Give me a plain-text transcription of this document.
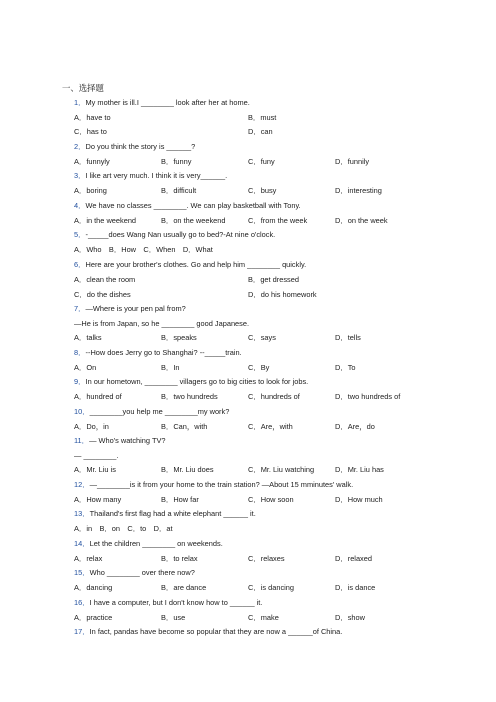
一、选择题
1．My mother is ill.I ________ look after her at home.
A．have to	B．must
C．has to	D．can
2．Do you think the story is ______?
A．funnyly	B．funny	C．funy	D．funnily
3．I like art very much. I think it is very______.
A．boring	B．difficult	C．busy	D．interesting
4．We have no classes ________. We can play basketball with Tony.
A．in the weekend	B．on the weekend	C．from the week	D．on the week
5．-_____does Wang Nan usually go to bed?-At nine o'clock.
A．Who　B．How　C．When　D．What
6．Here are your brother's clothes. Go and help him ________ quickly.
A．clean the room	B．get dressed
C．do the dishes	D．do his homework
7．—Where is your pen pal from?
—He is from Japan, so he ________ good Japanese.
A．talks	B．speaks	C．says	D．tells
8．--How does Jerry go to Shanghai? --_____train.
A．On	B．In	C．By	D．To
9．In our hometown, ________ villagers go to big cities to look for jobs.
A．hundred of	B．two hundreds	C．hundreds of	D．two hundreds of
10．________you help me ________my work?
A．Do，in	B．Can，with	C．Are，with	D．Are，do
11．— Who's watching TV?
— ________.
A．Mr. Liu is	B．Mr. Liu does	C．Mr. Liu watching	D．Mr. Liu has
12．—________is it from your home to the train station? —About 15 mminutes' walk.
A．How many	B．How far	C．How soon	D．How much
13．Thailand's first flag had a white elephant ______ it.
A．in　B．on　C．to　D．at
14．Let the children ________ on weekends.
A．relax	B．to relax	C．relaxes	D．relaxed
15．Who ________ over there now?
A．dancing	B．are dance	C．is dancing	D．is dance
16．I have a computer, but I don't know how to ______ it.
A．practice	B．use	C．make	D．show
17．In fact, pandas have become so popular that they are now a ______of China.
